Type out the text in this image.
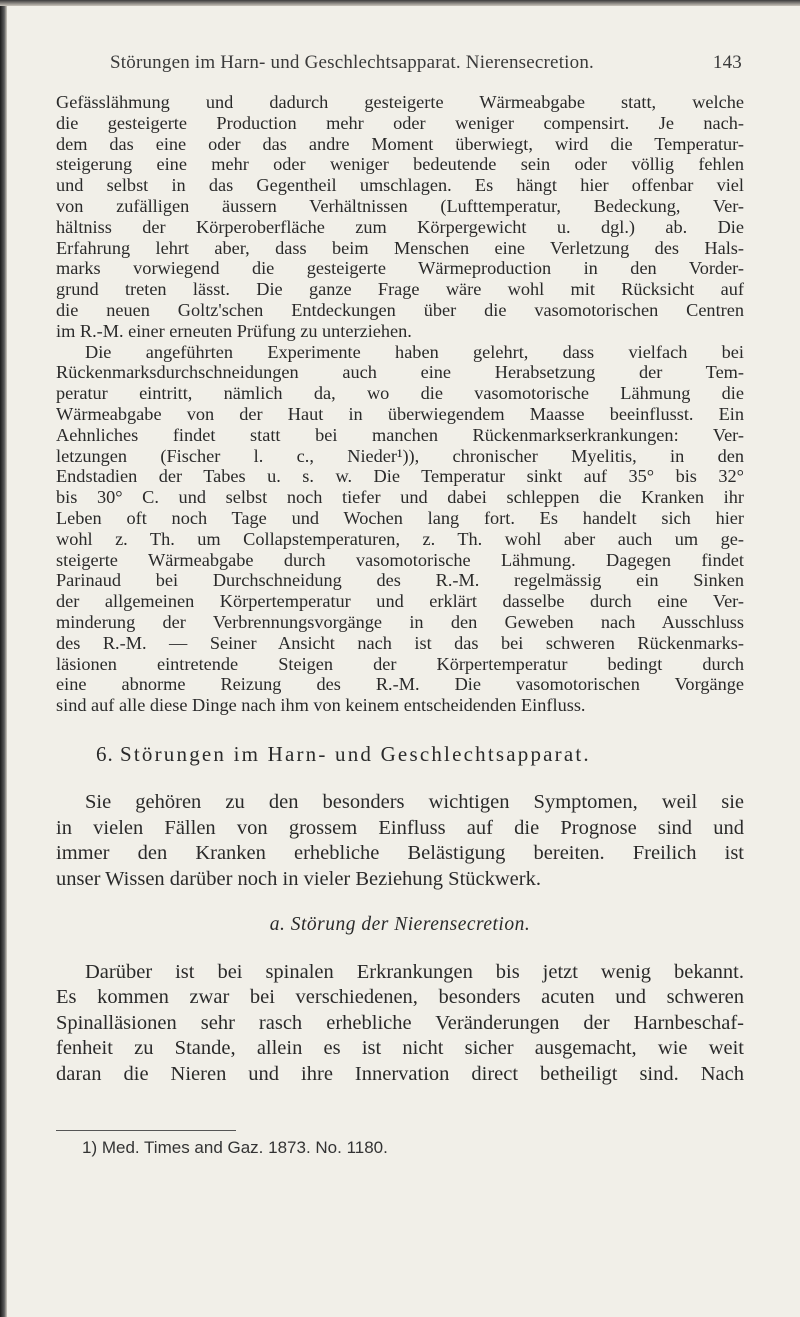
Störungen im Harn- und Geschlechtsapparat. Nierensecretion.	143
Gefässlähmung und dadurch gesteigerte Wärmeabgabe statt, welche
die gesteigerte Production mehr oder weniger compensirt. Je nach-
dem das eine oder das andre Moment überwiegt, wird die Temperatur-
steigerung eine mehr oder weniger bedeutende sein oder völlig fehlen
und selbst in das Gegentheil umschlagen. Es hängt hier offenbar viel
von zufälligen äussern Verhältnissen (Lufttemperatur, Bedeckung, Ver-
hältniss der Körperoberfläche zum Körpergewicht u. dgl.) ab. Die
Erfahrung lehrt aber, dass beim Menschen eine Verletzung des Hals-
marks vorwiegend die gesteigerte Wärmeproduction in den Vorder-
grund treten lässt. Die ganze Frage wäre wohl mit Rücksicht auf
die neuen Goltz'schen Entdeckungen über die vasomotorischen Centren
im R.-M. einer erneuten Prüfung zu unterziehen.
Die angeführten Experimente haben gelehrt, dass vielfach bei
Rückenmarksdurchschneidungen auch eine Herabsetzung der Tem-
peratur eintritt, nämlich da, wo die vasomotorische Lähmung die
Wärmeabgabe von der Haut in überwiegendem Maasse beeinflusst. Ein
Aehnliches findet statt bei manchen Rückenmarkserkrankungen: Ver-
letzungen (Fischer l. c., Nieder¹)), chronischer Myelitis, in den
Endstadien der Tabes u. s. w. Die Temperatur sinkt auf 35° bis 32°
bis 30° C. und selbst noch tiefer und dabei schleppen die Kranken ihr
Leben oft noch Tage und Wochen lang fort. Es handelt sich hier
wohl z. Th. um Collapstemperaturen, z. Th. wohl aber auch um ge-
steigerte Wärmeabgabe durch vasomotorische Lähmung. Dagegen findet
Parinaud bei Durchschneidung des R.-M. regelmässig ein Sinken
der allgemeinen Körpertemperatur und erklärt dasselbe durch eine Ver-
minderung der Verbrennungsvorgänge in den Geweben nach Ausschluss
des R.-M. — Seiner Ansicht nach ist das bei schweren Rückenmarks-
läsionen eintretende Steigen der Körpertemperatur bedingt durch
eine abnorme Reizung des R.-M. Die vasomotorischen Vorgänge
sind auf alle diese Dinge nach ihm von keinem entscheidenden Einfluss.
6. Störungen im Harn- und Geschlechtsapparat.
Sie gehören zu den besonders wichtigen Symptomen, weil sie
in vielen Fällen von grossem Einfluss auf die Prognose sind und
immer den Kranken erhebliche Belästigung bereiten. Freilich ist
unser Wissen darüber noch in vieler Beziehung Stückwerk.
a. Störung der Nierensecretion.
Darüber ist bei spinalen Erkrankungen bis jetzt wenig bekannt.
Es kommen zwar bei verschiedenen, besonders acuten und schweren
Spinalläsionen sehr rasch erhebliche Veränderungen der Harnbeschaf-
fenheit zu Stande, allein es ist nicht sicher ausgemacht, wie weit
daran die Nieren und ihre Innervation direct betheiligt sind. Nach
1) Med. Times and Gaz. 1873. No. 1180.
